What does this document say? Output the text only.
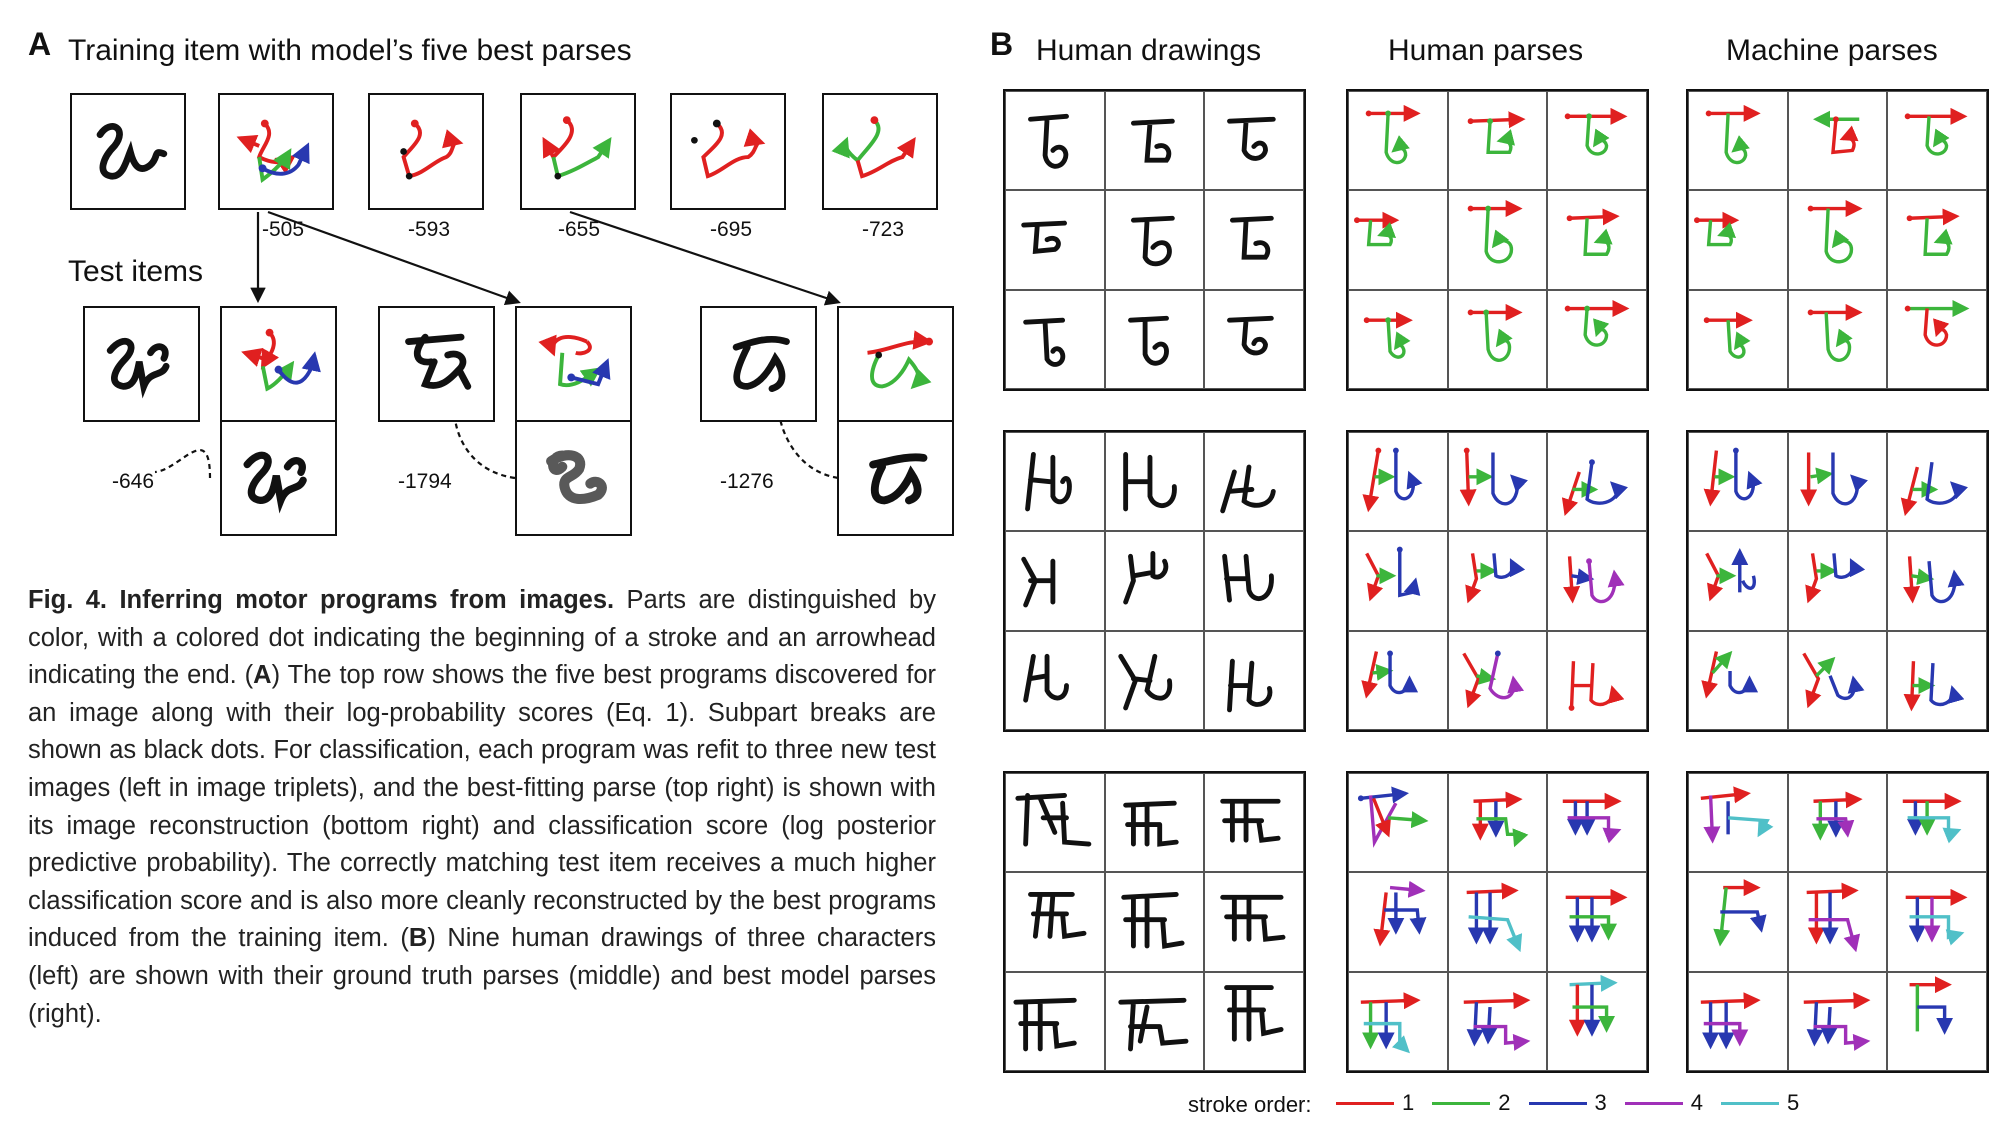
A Training item with model’s five best parses
-505	-593	-655	-695	-723
Test items
-646	-1794	-1276
Fig. 4. Inferring motor programs from images. Parts are distinguished by color, with a colored dot indicating the beginning of a stroke and an arrowhead indicating the end. (A) The top row shows the five best programs discovered for an image along with their log-probability scores (Eq. 1). Subpart breaks are shown as black dots. For classification, each program was refit to three new test images (left in image triplets), and the best-fitting parse (top right) is shown with its image reconstruction (bottom right) and classification score (log posterior predictive probability). The correctly matching test item receives a much higher classification score and is also more cleanly reconstructed by the best programs induced from the training item. (B) Nine human drawings of three characters (left) are shown with their ground truth parses (middle) and best model parses (right).
B Human drawings	Human parses	Machine parses
stroke order:	1	2	3	4	5
